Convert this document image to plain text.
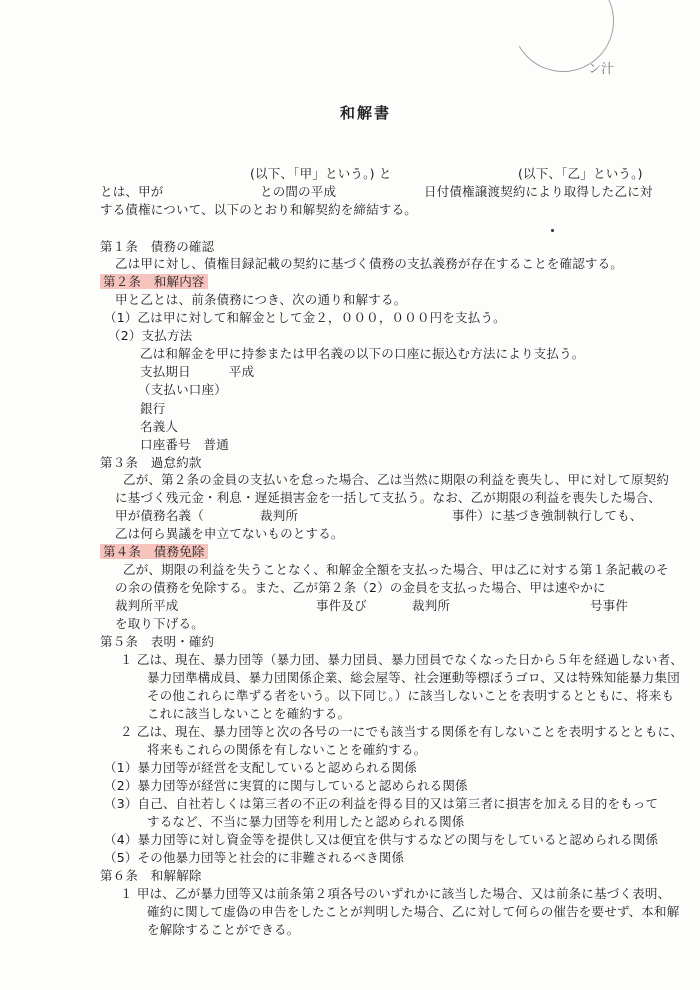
ン汁
和解書
(以下、「甲」という。) と	(以下、「乙」という。)
とは、甲が	との間の平成	日付債権譲渡契約により取得した乙に対
する債権について、以下のとおり和解契約を締結する。
第１条　債務の確認
乙は甲に対し、債権目録記載の契約に基づく債務の支払義務が存在することを確認する。
第２条　和解内容
甲と乙とは、前条債務につき、次の通り和解する。
（1）乙は甲に対して和解金として金２，０００，０００円を支払う。
（2）支払方法
乙は和解金を甲に持参または甲名義の以下の口座に振込む方法により支払う。
支払期日　　　平成
（支払い口座）
銀行
名義人
口座番号　普通
第３条　過怠約款
乙が、第２条の金員の支払いを怠った場合、乙は当然に期限の利益を喪失し、甲に対して原契約
に基づく残元金・利息・遅延損害金を一括して支払う。なお、乙が期限の利益を喪失した場合、
甲が債務名義（	裁判所	事件）に基づき強制執行しても、
乙は何ら異議を申立てないものとする。
第４条　債務免除
乙が、期限の利益を失うことなく、和解金全額を支払った場合、甲は乙に対する第１条記載のそ
の余の債務を免除する。また、乙が第２条（2）の金員を支払った場合、甲は速やかに
裁判所平成	事件及び	裁判所	号事件
を取り下げる。
第５条　表明・確約
１ 乙は、現在、暴力団等（暴力団、暴力団員、暴力団員でなくなった日から５年を経過しない者、
暴力団準構成員、暴力団関係企業、総会屋等、社会運動等標ぼうゴロ、又は特殊知能暴力集団
その他これらに準ずる者をいう。以下同じ。）に該当しないことを表明するとともに、将来も
これに該当しないことを確約する。
２ 乙は、現在、暴力団等と次の各号の一にでも該当する関係を有しないことを表明するとともに、
将来もこれらの関係を有しないことを確約する。
（1）暴力団等が経営を支配していると認められる関係
（2）暴力団等が経営に実質的に関与していると認められる関係
（3）自己、自社若しくは第三者の不正の利益を得る目的又は第三者に損害を加える目的をもって
するなど、不当に暴力団等を利用したと認められる関係
（4）暴力団等に対し資金等を提供し又は便宜を供与するなどの関与をしていると認められる関係
（5）その他暴力団等と社会的に非難されるべき関係
第６条　和解解除
１ 甲は、乙が暴力団等又は前条第２項各号のいずれかに該当した場合、又は前条に基づく表明、
確約に関して虚偽の申告をしたことが判明した場合、乙に対して何らの催告を要せず、本和解
を解除することができる。
